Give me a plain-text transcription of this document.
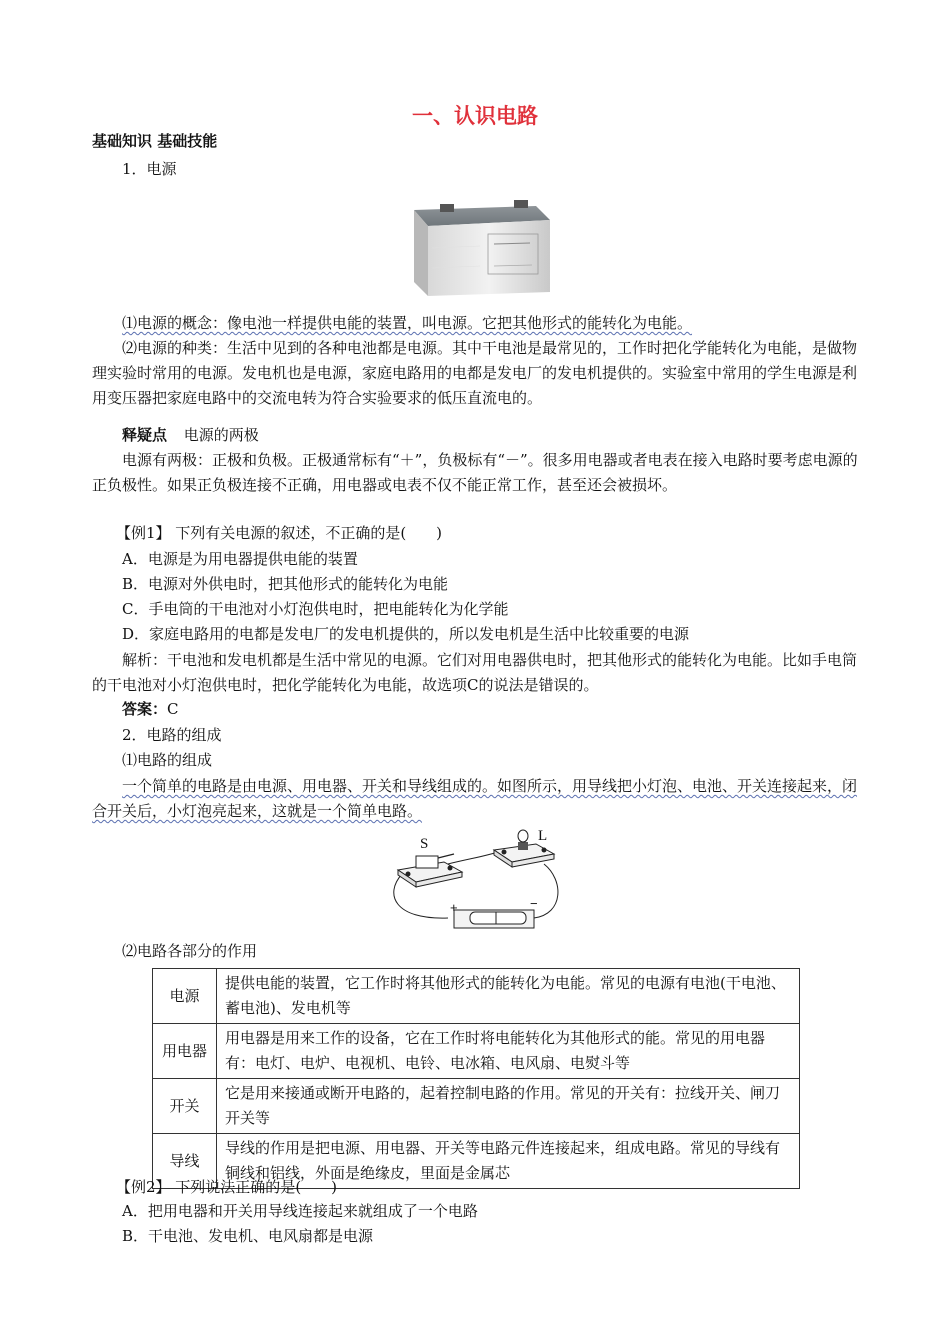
一、认识电路
基础知识 基础技能
1．电源
⑴电源的概念：像电池一样提供电能的装置，叫电源。它把其他形式的能转化为电能。
⑵电源的种类：生活中见到的各种电池都是电源。其中干电池是最常见的，工作时把化学能转化为电能，是做物理实验时常用的电源。发电机也是电源，家庭电路用的电都是发电厂的发电机提供的。实验室中常用的学生电源是利用变压器把家庭电路中的交流电转为符合实验要求的低压直流电的。
释疑点 电源的两极
电源有两极：正极和负极。正极通常标有“＋”，负极标有“－”。很多用电器或者电表在接入电路时要考虑电源的正负极性。如果正负极连接不正确，用电器或电表不仅不能正常工作，甚至还会被损坏。
【例1】 下列有关电源的叙述，不正确的是(　　)
A．电源是为用电器提供电能的装置
B．电源对外供电时，把其他形式的能转化为电能
C．手电筒的干电池对小灯泡供电时，把电能转化为化学能
D．家庭电路用的电都是发电厂的发电机提供的，所以发电机是生活中比较重要的电源
解析：干电池和发电机都是生活中常见的电源。它们对用电器供电时，把其他形式的能转化为电能。比如手电筒的干电池对小灯泡供电时，把化学能转化为电能，故选项C的说法是错误的。
答案：C
2．电路的组成
⑴电路的组成
一个简单的电路是由电源、用电器、开关和导线组成的。如图所示，用导线把小灯泡、电池、开关连接起来，闭合开关后，小灯泡亮起来，这就是一个简单电路。
S	L
+	−
⑵电路各部分的作用
电源	提供电能的装置，它工作时将其他形式的能转化为电能。常见的电源有电池(干电池、蓄电池)、发电机等
用电器	用电器是用来工作的设备，它在工作时将电能转化为其他形式的能。常见的用电器有：电灯、电炉、电视机、电铃、电冰箱、电风扇、电熨斗等
开关	它是用来接通或断开电路的，起着控制电路的作用。常见的开关有：拉线开关、闸刀开关等
导线	导线的作用是把电源、用电器、开关等电路元件连接起来，组成电路。常见的导线有铜线和铝线，外面是绝缘皮，里面是金属芯
【例2】 下列说法正确的是(　　)
A．把用电器和开关用导线连接起来就组成了一个电路
B．干电池、发电机、电风扇都是电源
